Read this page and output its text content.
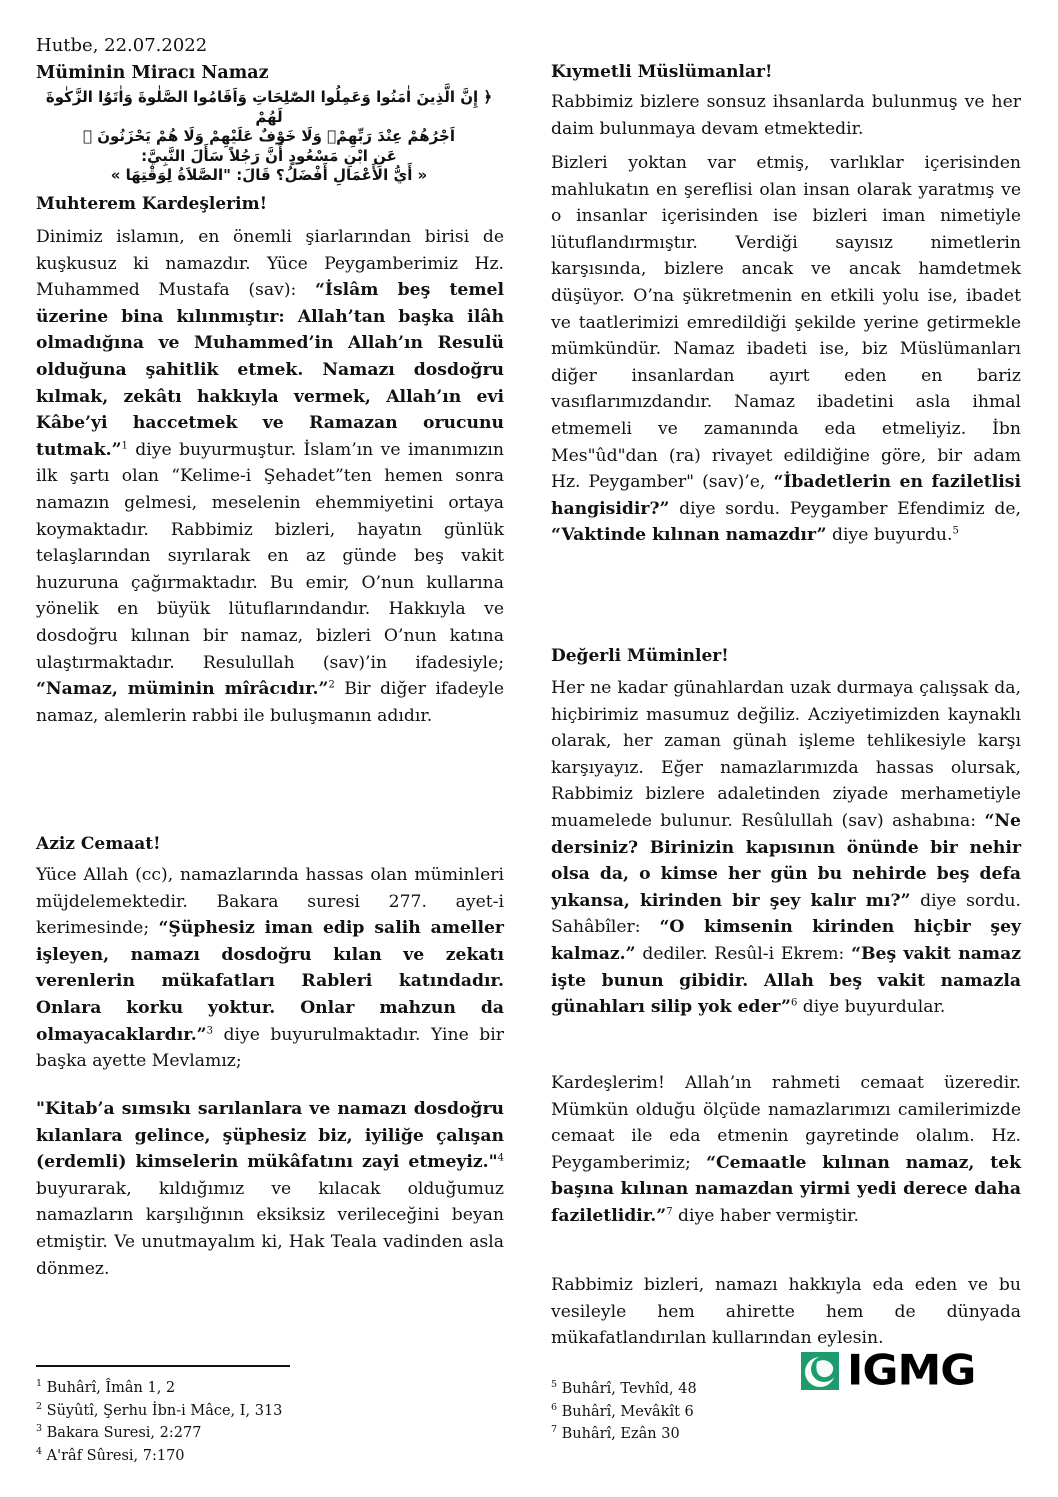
Hutbe, 22.07.2022
Müminin Miracı Namaz
﴿ إِنَّ الَّذِينَ اٰمَنُوا وَعَمِلُوا الصّٰلِحَاتِ وَاَقَامُوا الصَّلٰوةَ وَاٰتَوُا الزَّكٰوةَ لَهُمْ
اَجْرُهُمْ عِنْدَ رَبِّهِمْۚ وَلَا خَوْفٌ عَلَيْهِمْ وَلَا هُمْ يَحْزَنُونَ ﴾
عَنِ ابْنِ مَسْعُودٍ أَنَّ رَجُلاً سَأَلَ النَّبِيَّ:
« أَيُّ الأَعْمَالِ أَفْضَلُ؟ قَالَ: "الصَّلاَةُ لِوَقْتِهَا »
Muhterem Kardeşlerim!
Dinimiz islamın, en önemli şiarlarından birisi de kuşkusuz ki namazdır. Yüce Peygamberimiz Hz. Muhammed Mustafa (sav): “İslâm beş temel üzerine bina kılınmıştır: Allah’tan başka ilâh olmadığına ve Muhammed’in Allah’ın Resulü olduğuna şahitlik etmek. Namazı dosdoğru kılmak, zekâtı hakkıyla vermek, Allah’ın evi Kâbe’yi haccetmek ve Ramazan orucunu tutmak.”$^1$ diye buyurmuştur. İslam’ın ve imanımızın ilk şartı olan “Kelime-i Şehadet”ten hemen sonra namazın gelmesi, meselenin ehemmiyetini ortaya koymaktadır. Rabbimiz bizleri, hayatın günlük telaşlarından sıyrılarak en az günde beş vakit huzuruna çağırmaktadır. Bu emir, O’nun kullarına yönelik en büyük lütuflarındandır. Hakkıyla ve dosdoğru kılınan bir namaz, bizleri O’nun katına ulaştırmaktadır. Resulullah (sav)’in ifadesiyle; “Namaz, müminin mîrâcıdır.”$^2$ Bir diğer ifadeyle namaz, alemlerin rabbi ile buluşmanın adıdır.
Aziz Cemaat!
Yüce Allah (cc), namazlarında hassas olan müminleri müjdelemektedir. Bakara suresi 277. ayet-i kerimesinde; “Şüphesiz iman edip salih ameller işleyen, namazı dosdoğru kılan ve zekatı verenlerin mükafatları Rableri katındadır. Onlara korku yoktur. Onlar mahzun da olmayacaklardır.”$^3$ diye buyurulmaktadır. Yine bir başka ayette Mevlamız;
"Kitab’a sımsıkı sarılanlara ve namazı dosdoğru kılanlara gelince, şüphesiz biz, iyiliğe çalışan (erdemli) kimselerin mükâfatını zayi etmeyiz."$^4$ buyurarak, kıldığımız ve kılacak olduğumuz namazların karşılığının eksiksiz verileceğini beyan etmiştir. Ve unutmayalım ki, Hak Teala vadinden asla dönmez.
$^1$ Buhârî, Îmân 1, 2
$^2$ Süyûtî, Şerhu İbn-i Mâce, I, 313
$^3$ Bakara Suresi, 2:277
$^4$ A'râf Sûresi, 7:170
Kıymetli Müslümanlar!
Rabbimiz bizlere sonsuz ihsanlarda bulunmuş ve her daim bulunmaya devam etmektedir.
Bizleri yoktan var etmiş, varlıklar içerisinden mahlukatın en şereflisi olan insan olarak yaratmış ve o insanlar içerisinden ise bizleri iman nimetiyle lütuflandırmıştır. Verdiği sayısız nimetlerin karşısında, bizlere ancak ve ancak hamdetmek düşüyor. O’na şükretmenin en etkili yolu ise, ibadet ve taatlerimizi emredildiği şekilde yerine getirmekle mümkündür. Namaz ibadeti ise, biz Müslümanları diğer insanlardan ayırt eden en bariz vasıflarımızdandır. Namaz ibadetini asla ihmal etmemeli ve zamanında eda etmeliyiz. İbn Mes"ûd"dan (ra) rivayet edildiğine göre, bir adam Hz. Peygamber" (sav)’e, “İbadetlerin en faziletlisi hangisidir?” diye sordu. Peygamber Efendimiz de, “Vaktinde kılınan namazdır” diye buyurdu.$^5$
Değerli Müminler!
Her ne kadar günahlardan uzak durmaya çalışsak da, hiçbirimiz masumuz değiliz. Acziyetimizden kaynaklı olarak, her zaman günah işleme tehlikesiyle karşı karşıyayız. Eğer namazlarımızda hassas olursak, Rabbimiz bizlere adaletinden ziyade merhametiyle muamelede bulunur. Resûlullah (sav) ashabına: “Ne dersiniz? Birinizin kapısının önünde bir nehir olsa da, o kimse her gün bu nehirde beş defa yıkansa, kirinden bir şey kalır mı?” diye sordu. Sahâbîler: “O kimsenin kirinden hiçbir şey kalmaz.” dediler. Resûl-i Ekrem: “Beş vakit namaz işte bunun gibidir. Allah beş vakit namazla günahları silip yok eder”$^6$ diye buyurdular.
Kardeşlerim! Allah’ın rahmeti cemaat üzeredir. Mümkün olduğu ölçüde namazlarımızı camilerimizde cemaat ile eda etmenin gayretinde olalım. Hz. Peygamberimiz; “Cemaatle kılınan namaz, tek başına kılınan namazdan yirmi yedi derece daha faziletlidir.”$^7$ diye haber vermiştir.
Rabbimiz bizleri, namazı hakkıyla eda eden ve bu vesileyle hem ahirette hem de dünyada mükafatlandırılan kullarından eylesin.
$^5$ Buhârî, Tevhîd, 48
$^6$ Buhârî, Mevâkît 6
$^7$ Buhârî, Ezân 30
IGMG
